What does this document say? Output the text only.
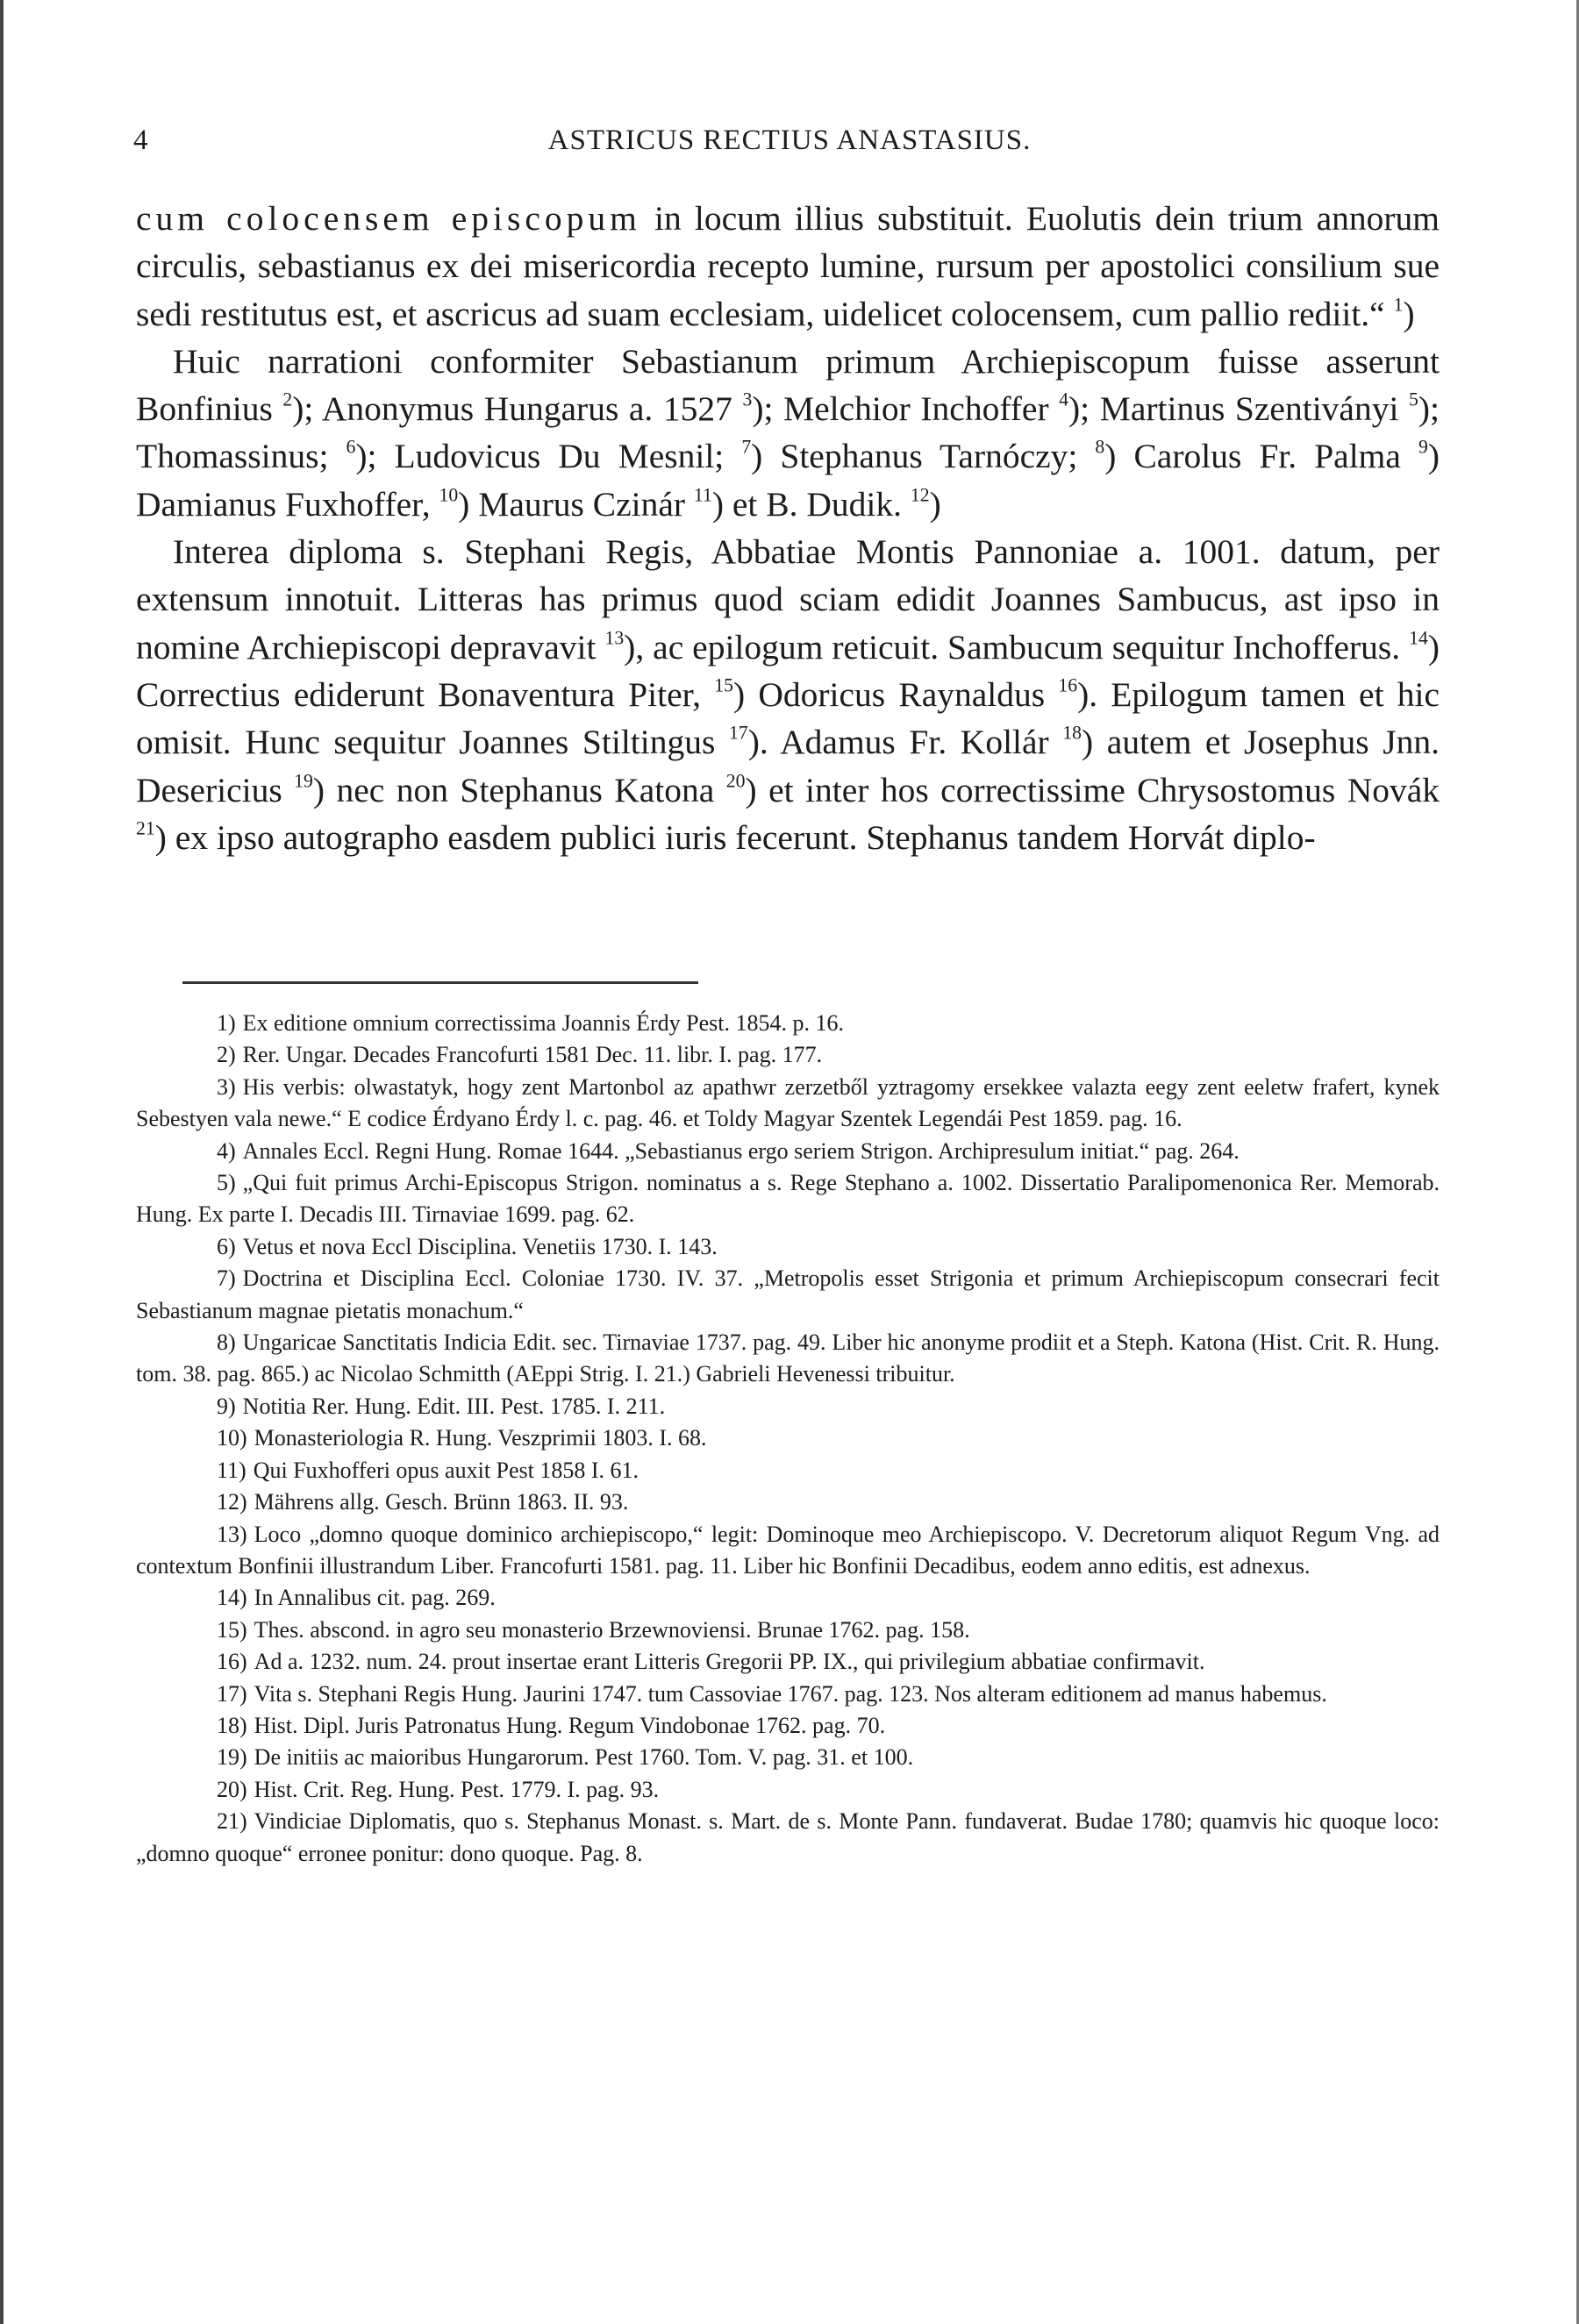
4	ASTRICUS RECTIUS ANASTASIUS.

cum colocensem episcopum in locum illius substituit. Euolutis dein trium annorum circulis, sebastianus ex dei misericordia recepto lumine, rursum per apostolici consilium sue sedi restitutus est, et ascricus ad suam ecclesiam, uidelicet colocensem, cum pallio rediit.“ $^1$)

Huic narrationi conformiter Sebastianum primum Archiepiscopum fuisse asserunt Bonfinius $^2$); Anonymus Hungarus a. 1527 $^3$); Melchior Inchoffer $^4$); Martinus Szentiványi $^5$); Thomassinus; $^6$); Ludovicus Du Mesnil; $^7$) Stephanus Tarnóczy; $^8$) Carolus Fr. Palma $^9$) Damianus Fuxhoffer, $^{10}$) Maurus Czinár $^{11}$) et B. Dudik. $^{12}$)

Interea diploma s. Stephani Regis, Abbatiae Montis Pannoniae a. 1001. datum, per extensum innotuit. Litteras has primus quod sciam edidit Joannes Sambucus, ast ipso in nomine Archiepiscopi depravavit $^{13}$), ac epilogum reticuit. Sambucum sequitur Inchofferus. $^{14}$) Correctius ediderunt Bonaventura Piter, $^{15}$) Odoricus Raynaldus $^{16}$). Epilogum tamen et hic omisit. Hunc sequitur Joannes Stiltingus $^{17}$). Adamus Fr. Kollár $^{18}$) autem et Josephus Jnn. Desericius $^{19}$) nec non Stephanus Katona $^{20}$) et inter hos correctissime Chrysostomus Novák $^{21}$) ex ipso autographo easdem publici iuris fecerunt. Stephanus tandem Horvát diplo-

1) Ex editione omnium correctissima Joannis Érdy Pest. 1854. p. 16.

2) Rer. Ungar. Decades Francofurti 1581 Dec. 11. libr. I. pag. 177.

3) His verbis: olwastatyk, hogy zent Martonbol az apathwr zerzetből yztragomy ersekkee valazta eegy zent eeletw frafert, kynek Sebestyen vala newe.“ E codice Érdyano Érdy l. c. pag. 46. et Toldy Magyar Szentek Legendái Pest 1859. pag. 16.

4) Annales Eccl. Regni Hung. Romae 1644. „Sebastianus ergo seriem Strigon. Archipresulum initiat.“ pag. 264.

5) „Qui fuit primus Archi-Episcopus Strigon. nominatus a s. Rege Stephano a. 1002. Dissertatio Paralipomenonica Rer. Memorab. Hung. Ex parte I. Decadis III. Tirnaviae 1699. pag. 62.

6) Vetus et nova Eccl Disciplina. Venetiis 1730. I. 143.

7) Doctrina et Disciplina Eccl. Coloniae 1730. IV. 37. „Metropolis esset Strigonia et primum Archiepiscopum consecrari fecit Sebastianum magnae pietatis monachum.“

8) Ungaricae Sanctitatis Indicia Edit. sec. Tirnaviae 1737. pag. 49. Liber hic anonyme prodiit et a Steph. Katona (Hist. Crit. R. Hung. tom. 38. pag. 865.) ac Nicolao Schmitth (AEppi Strig. I. 21.) Gabrieli Hevenessi tribuitur.

9) Notitia Rer. Hung. Edit. III. Pest. 1785. I. 211.

10) Monasteriologia R. Hung. Veszprimii 1803. I. 68.

11) Qui Fuxhofferi opus auxit Pest 1858 I. 61.

12) Mährens allg. Gesch. Brünn 1863. II. 93.

13) Loco „domno quoque dominico archiepiscopo,“ legit: Dominoque meo Archiepiscopo. V. Decretorum aliquot Regum Vng. ad contextum Bonfinii illustrandum Liber. Francofurti 1581. pag. 11. Liber hic Bonfinii Decadibus, eodem anno editis, est adnexus.

14) In Annalibus cit. pag. 269.

15) Thes. abscond. in agro seu monasterio Brzewnoviensi. Brunae 1762. pag. 158.

16) Ad a. 1232. num. 24. prout insertae erant Litteris Gregorii PP. IX., qui privilegium abbatiae confirmavit.

17) Vita s. Stephani Regis Hung. Jaurini 1747. tum Cassoviae 1767. pag. 123. Nos alteram editionem ad manus habemus.

18) Hist. Dipl. Juris Patronatus Hung. Regum Vindobonae 1762. pag. 70.

19) De initiis ac maioribus Hungarorum. Pest 1760. Tom. V. pag. 31. et 100.

20) Hist. Crit. Reg. Hung. Pest. 1779. I. pag. 93.

21) Vindiciae Diplomatis, quo s. Stephanus Monast. s. Mart. de s. Monte Pann. fundaverat. Budae 1780; quamvis hic quoque loco: „domno quoque“ erronee ponitur: dono quoque. Pag. 8.
